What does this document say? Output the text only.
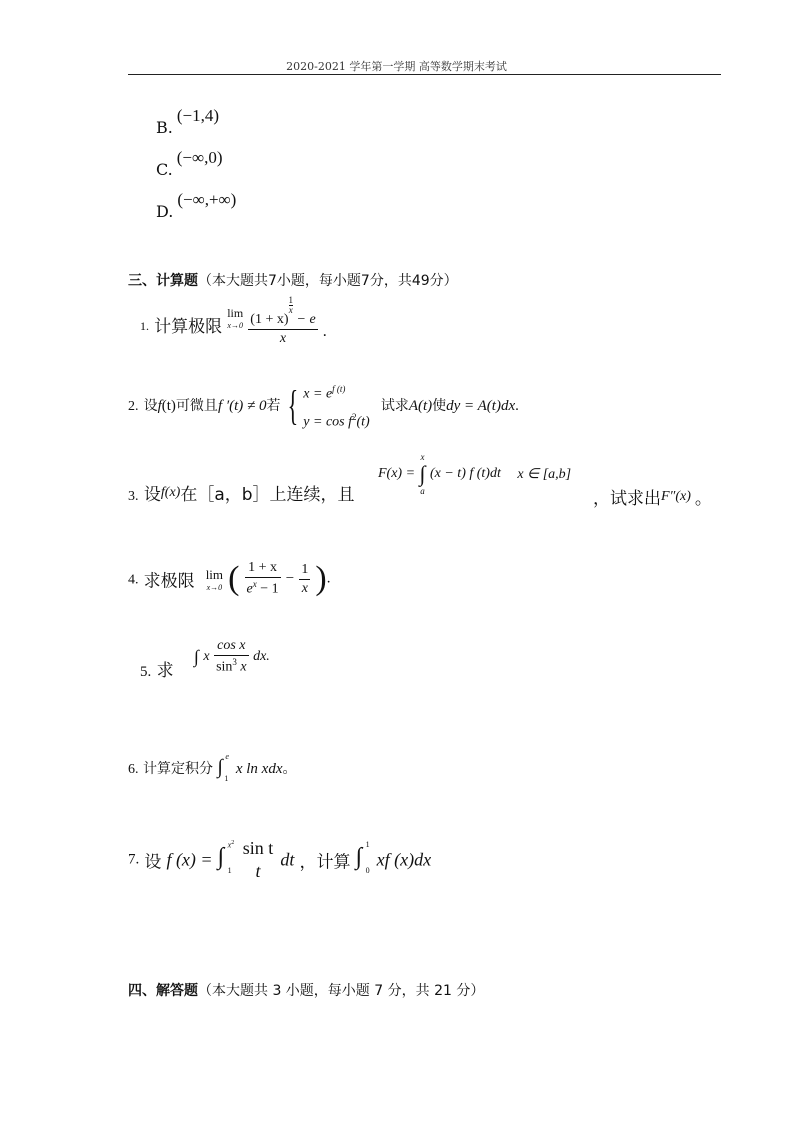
2020-2021 学年第一学期 高等数学期末考试
B.(−1,4)
C.(−∞,0)
D.(−∞,+∞)
三、计算题（本大题共7小题，每小题7分，共49分）
$_{1.}$ 计算极限
lim
x→0
(1 + x)
$\frac{1}{x}$
− e
x .
2. 设f(t)可微且f ′(t) ≠ 0若 { $x = e^{f (t)}$
$y = \cos f^2(t)$
试求A(t)使dy = A(t)dx.
3. 设$^{f(x)}$在［a，b］上连续，且
F(x) =
x
∫
a
(x − t) f (t)dt x ∈ [a,b]
，试求出$^{F''(x)}$ 。
4. 求极限 lim
x→0 ( $\frac{1 + x}{e^x - 1} - \frac{1}{x}$ ).
5. 求
∫ x $\frac{\text{cos x}}{\sin^3 x}$ dx.
6. 计算定积分 ∫ e
1
x ln xdx。
7. 设 f (x) = ∫ $x^2$
1

sin t
t
dt ，计算 ∫ 1
0
xf (x)dx
四、解答题（本大题共 3 小题，每小题 7 分，共 21 分）
